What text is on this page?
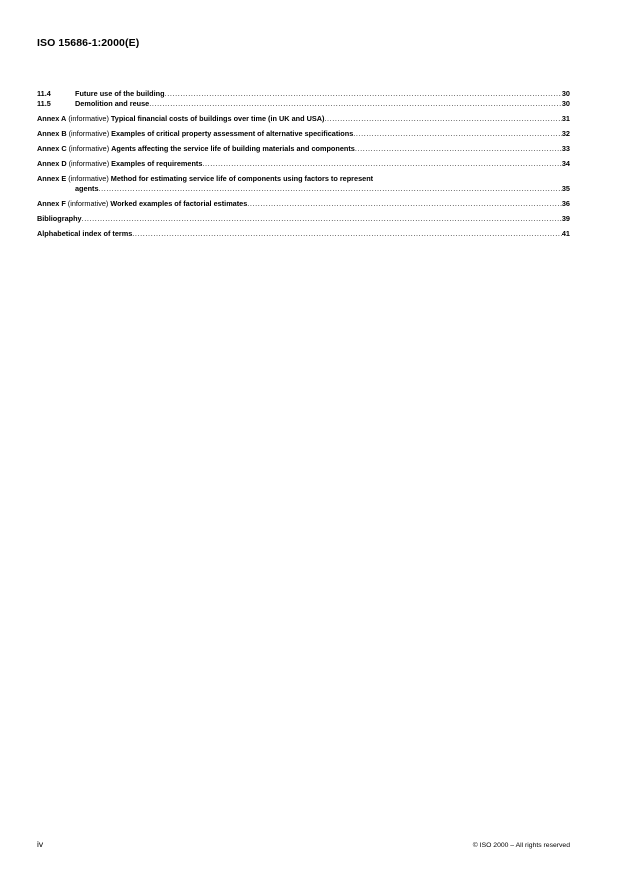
ISO 15686-1:2000(E)
11.4	Future use of the building .....	30
11.5	Demolition and reuse .....	30
Annex A (informative) Typical financial costs of buildings over time (in UK and USA) .....	31
Annex B (informative) Examples of critical property assessment of alternative specifications .....	32
Annex C (informative) Agents affecting the service life of building materials and components .....	33
Annex D (informative) Examples of requirements .....	34
Annex E (informative) Method for estimating service life of components using factors to represent
agents .....	35
Annex F (informative) Worked examples of factorial estimates .....	36
Bibliography .....	39
Alphabetical index of terms .....	41
iv	© ISO 2000 – All rights reserved
